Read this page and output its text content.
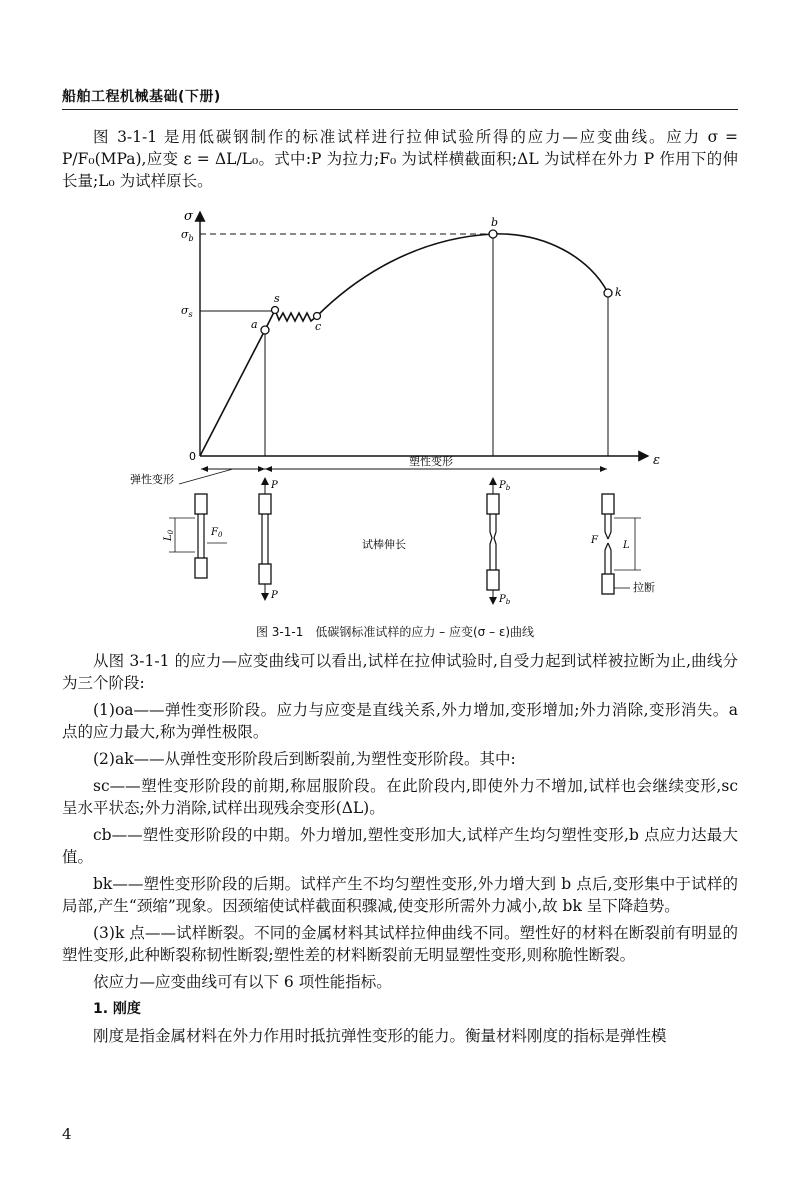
船舶工程机械基础(下册)

图 3-1-1 是用低碳钢制作的标准试样进行拉伸试验所得的应力—应变曲线。应力 σ = P/F₀(MPa),应变 ε = ΔL/L₀。式中:P 为拉力;F₀ 为试样横截面积;ΔL 为试样在外力 P 作用下的伸长量;L₀ 为试样原长。

σ
ε
0
$\sigma_b$
$\sigma_s$
a
s
c
b
k
塑性变形
弹性变形
$L_0$	$F_0$
P
P
$P_b$
$P_b$
L
F
拉断
试棒伸长
图 3-1-1　低碳钢标准试样的应力 – 应变(σ – ε)曲线

从图 3-1-1 的应力—应变曲线可以看出,试样在拉伸试验时,自受力起到试样被拉断为止,曲线分为三个阶段:

(1)oa——弹性变形阶段。应力与应变是直线关系,外力增加,变形增加;外力消除,变形消失。a 点的应力最大,称为弹性极限。

(2)ak——从弹性变形阶段后到断裂前,为塑性变形阶段。其中:

sc——塑性变形阶段的前期,称屈服阶段。在此阶段内,即使外力不增加,试样也会继续变形,sc 呈水平状态;外力消除,试样出现残余变形(ΔL)。

cb——塑性变形阶段的中期。外力增加,塑性变形加大,试样产生均匀塑性变形,b 点应力达最大值。

bk——塑性变形阶段的后期。试样产生不均匀塑性变形,外力增大到 b 点后,变形集中于试样的局部,产生“颈缩”现象。因颈缩使试样截面积骤减,使变形所需外力减小,故 bk 呈下降趋势。

(3)k 点——试样断裂。不同的金属材料其试样拉伸曲线不同。塑性好的材料在断裂前有明显的塑性变形,此种断裂称韧性断裂;塑性差的材料断裂前无明显塑性变形,则称脆性断裂。

依应力—应变曲线可有以下 6 项性能指标。

1. 刚度

刚度是指金属材料在外力作用时抵抗弹性变形的能力。衡量材料刚度的指标是弹性模

4
